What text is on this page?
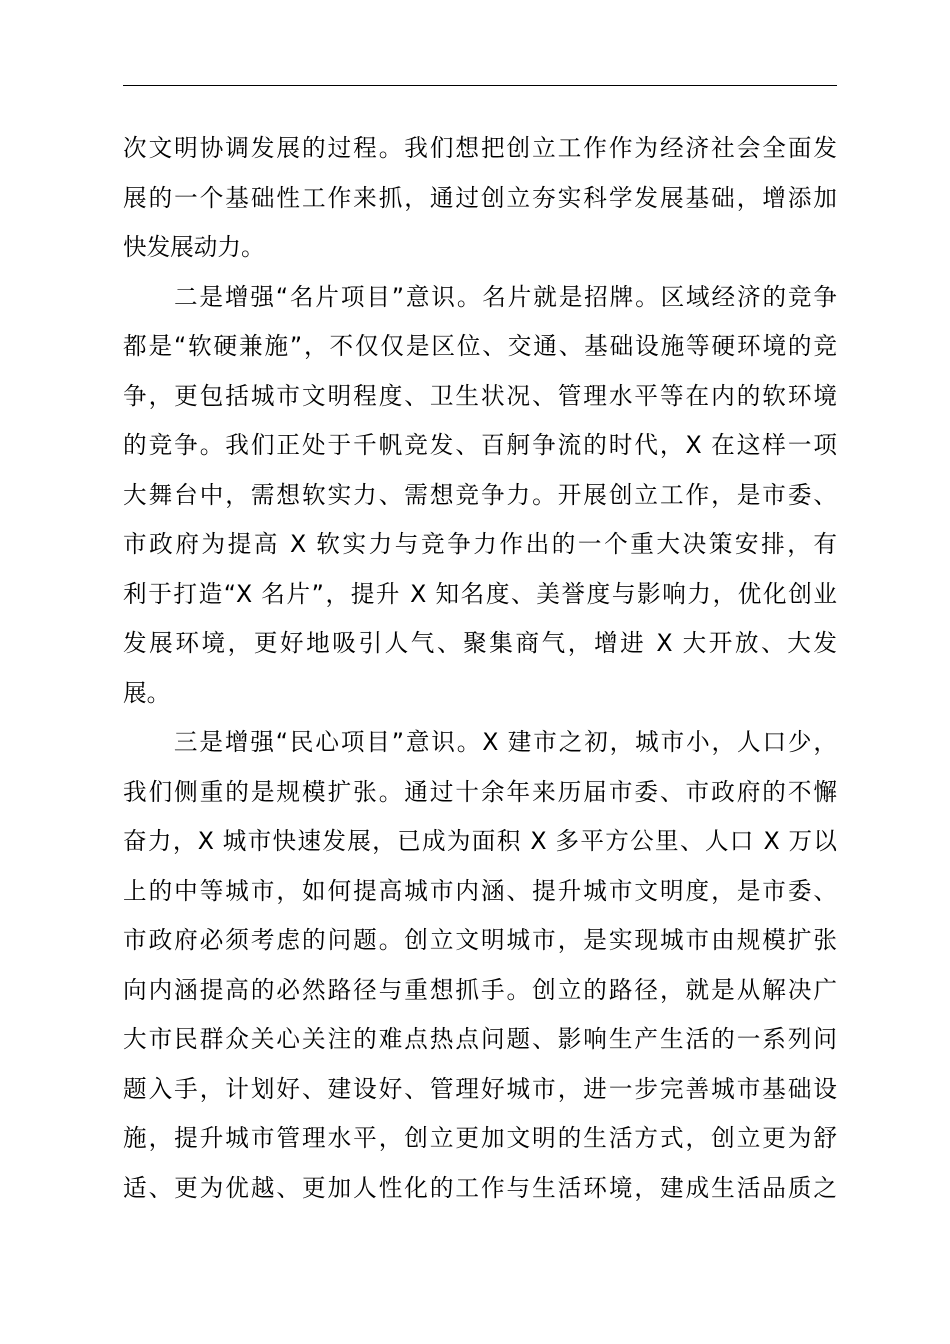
次文明协调发展的过程。我们想把创立工作作为经济社会全面发
展的一个基础性工作来抓，通过创立夯实科学发展基础，增添加
快发展动力。
　　二是增强“名片项目”意识。名片就是招牌。区域经济的竞争
都是“软硬兼施”，不仅仅是区位、交通、基础设施等硬环境的竞
争，更包括城市文明程度、卫生状况、管理水平等在内的软环境
的竞争。我们正处于千帆竞发、百舸争流的时代，X 在这样一项
大舞台中，需想软实力、需想竞争力。开展创立工作，是市委、
市政府为提高 X 软实力与竞争力作出的一个重大决策安排，有
利于打造“X 名片”，提升 X 知名度、美誉度与影响力，优化创业
发展环境，更好地吸引人气、聚集商气，增进 X 大开放、大发
展。
　　三是增强“民心项目”意识。X 建市之初，城市小，人口少，
我们侧重的是规模扩张。通过十余年来历届市委、市政府的不懈
奋力，X 城市快速发展，已成为面积 X 多平方公里、人口 X 万以
上的中等城市，如何提高城市内涵、提升城市文明度，是市委、
市政府必须考虑的问题。创立文明城市，是实现城市由规模扩张
向内涵提高的必然路径与重想抓手。创立的路径，就是从解决广
大市民群众关心关注的难点热点问题、影响生产生活的一系列问
题入手，计划好、建设好、管理好城市，进一步完善城市基础设
施，提升城市管理水平，创立更加文明的生活方式，创立更为舒
适、更为优越、更加人性化的工作与生活环境，建成生活品质之
